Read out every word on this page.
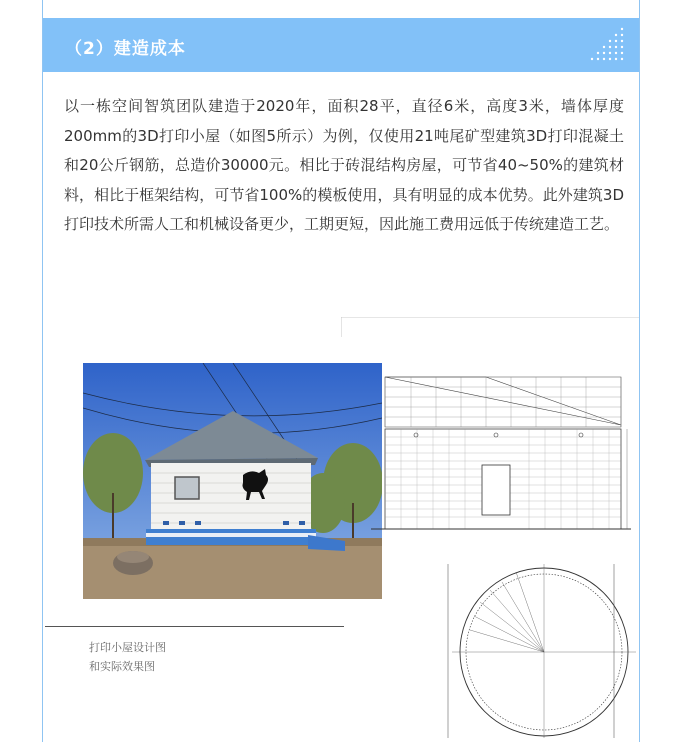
（2）建造成本
以一栋空间智筑团队建造于2020年，面积28平，直径6米，高度3米，墙体厚度200mm的3D打印小屋（如图5所示）为例，仅使用21吨尾矿型建筑3D打印混凝土和20公斤钢筋，总造价30000元。相比于砖混结构房屋，可节省40~50%的建筑材料，相比于框架结构，可节省100%的模板使用，具有明显的成本优势。此外建筑3D打印技术所需人工和机械设备更少，工期更短，因此施工费用远低于传统建造工艺。
打印小屋设计图
和实际效果图
